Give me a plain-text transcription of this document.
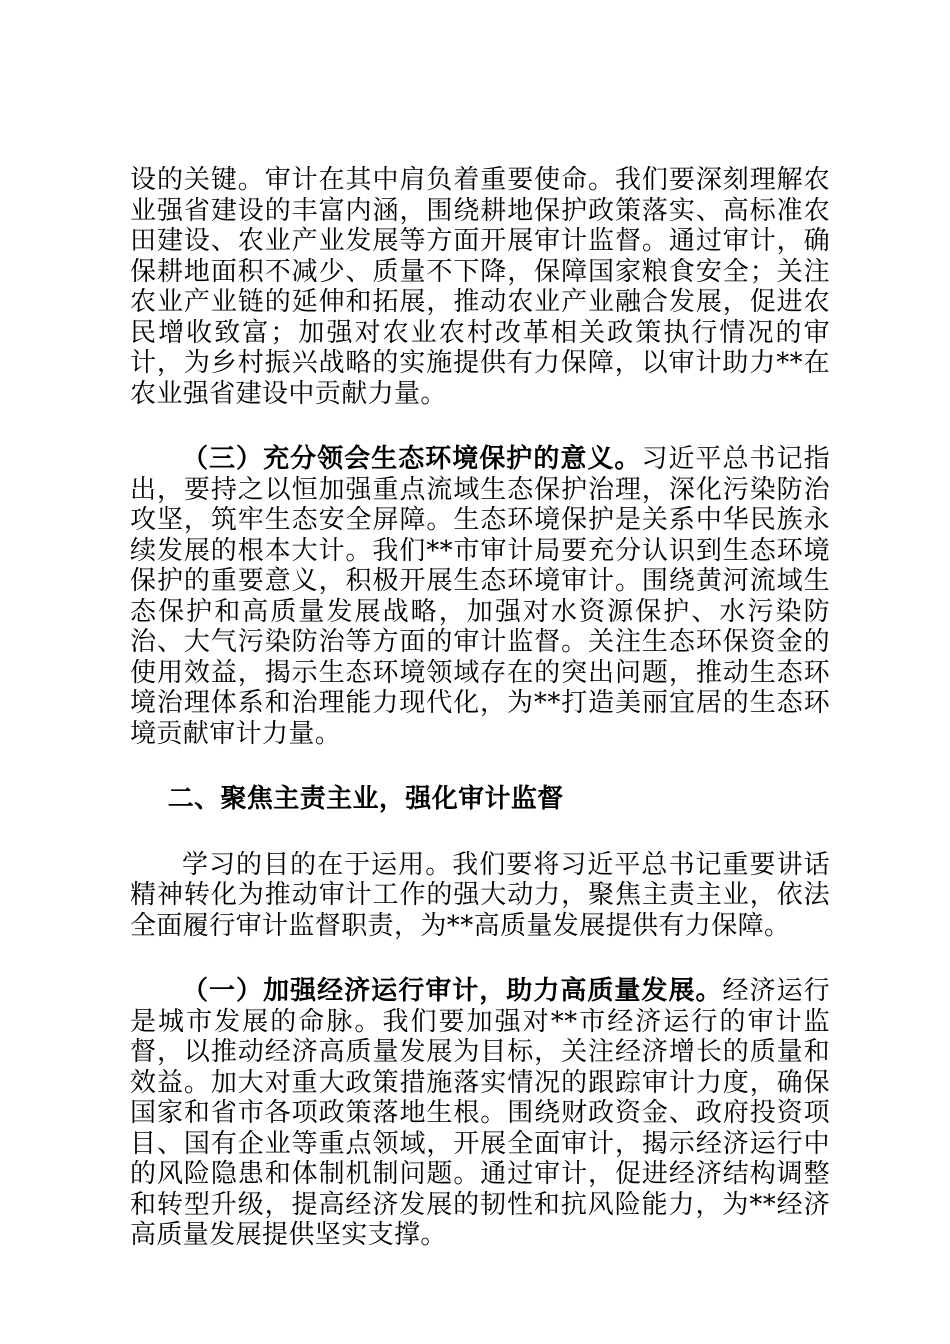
设的关键。审计在其中肩负着重要使命。我们要深刻理解农业强省建设的丰富内涵，围绕耕地保护政策落实、高标准农田建设、农业产业发展等方面开展审计监督。通过审计，确保耕地面积不减少、质量不下降，保障国家粮食安全；关注农业产业链的延伸和拓展，推动农业产业融合发展，促进农民增收致富；加强对农业农村改革相关政策执行情况的审计，为乡村振兴战略的实施提供有力保障，以审计助力**在农业强省建设中贡献力量。

（三）充分领会生态环境保护的意义。习近平总书记指出，要持之以恒加强重点流域生态保护治理，深化污染防治攻坚，筑牢生态安全屏障。生态环境保护是关系中华民族永续发展的根本大计。我们**市审计局要充分认识到生态环境保护的重要意义，积极开展生态环境审计。围绕黄河流域生态保护和高质量发展战略，加强对水资源保护、水污染防治、大气污染防治等方面的审计监督。关注生态环保资金的使用效益，揭示生态环境领域存在的突出问题，推动生态环境治理体系和治理能力现代化，为**打造美丽宜居的生态环境贡献审计力量。

二、聚焦主责主业，强化审计监督

学习的目的在于运用。我们要将习近平总书记重要讲话精神转化为推动审计工作的强大动力，聚焦主责主业，依法全面履行审计监督职责，为**高质量发展提供有力保障。

（一）加强经济运行审计，助力高质量发展。经济运行是城市发展的命脉。我们要加强对**市经济运行的审计监督，以推动经济高质量发展为目标，关注经济增长的质量和效益。加大对重大政策措施落实情况的跟踪审计力度，确保国家和省市各项政策落地生根。围绕财政资金、政府投资项目、国有企业等重点领域，开展全面审计，揭示经济运行中的风险隐患和体制机制问题。通过审计，促进经济结构调整和转型升级，提高经济发展的韧性和抗风险能力，为**经济高质量发展提供坚实支撑。
